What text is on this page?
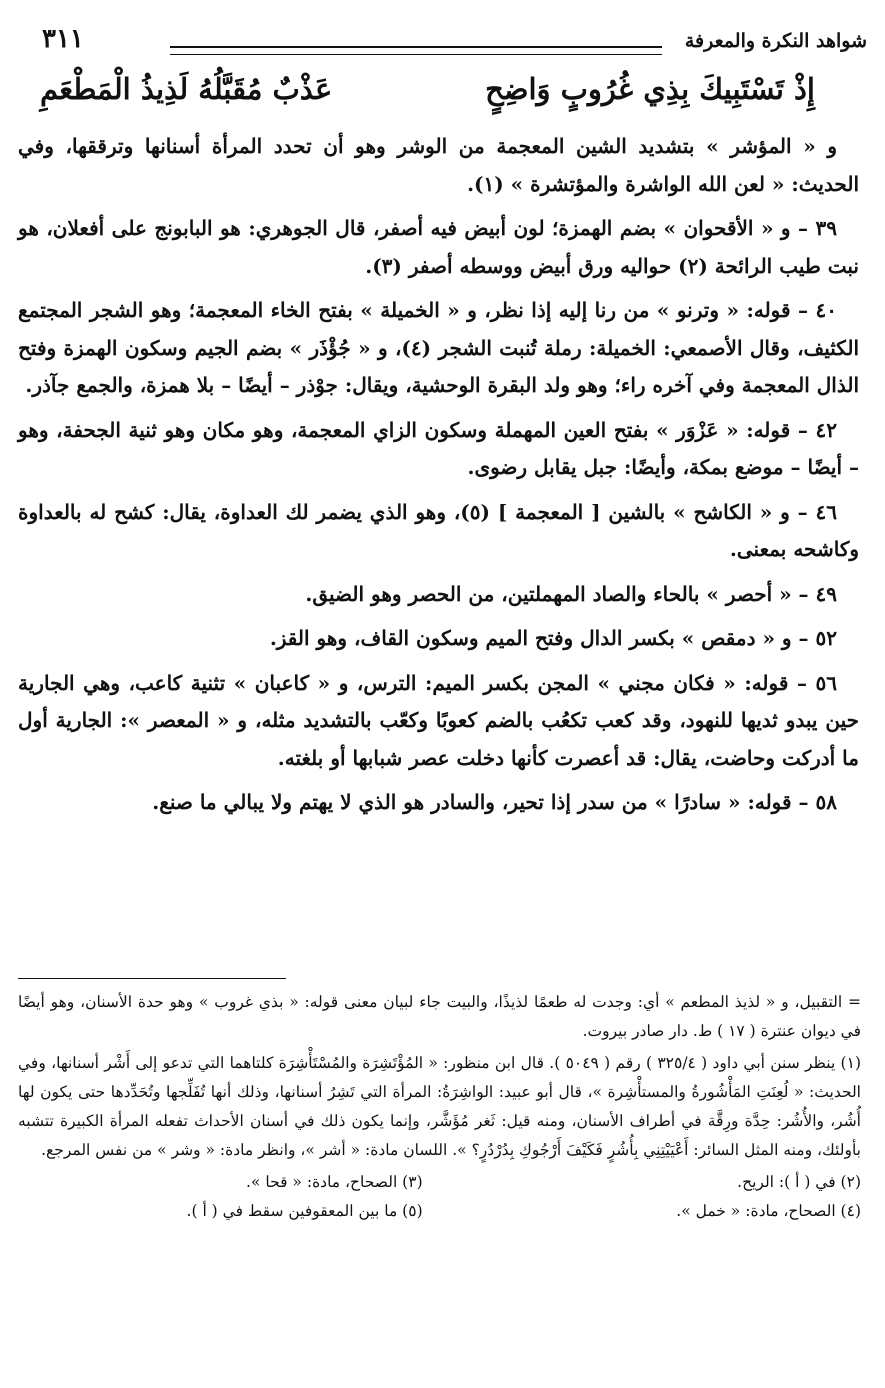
شواهد النكرة والمعرفة
٣١١
إِذْ تَسْتَبِيكَ بِذِي غُرُوبٍ وَاضِحٍ
عَذْبٌ مُقَبَّلُهُ لَذِيذُ الْمَطْعَمِ

و « المؤشر » بتشديد الشين المعجمة من الوشر وهو أن تحدد المرأة أسنانها وترققها، وفي الحديث: « لعن الله الواشرة والمؤتشرة » (١).

٣٩ – و « الأقحوان » بضم الهمزة؛ لون أبيض فيه أصفر، قال الجوهري: هو البابونج على أفعلان، هو نبت طيب الرائحة (٢) حواليه ورق أبيض ووسطه أصفر (٣).

٤٠ – قوله: « وترنو » من رنا إليه إذا نظر، و « الخميلة » بفتح الخاء المعجمة؛ وهو الشجر المجتمع الكثيف، وقال الأصمعي: الخميلة: رملة تُنبت الشجر (٤)، و « جُؤْذَر » بضم الجيم وسكون الهمزة وفتح الذال المعجمة وفي آخره راء؛ وهو ولد البقرة الوحشية، ويقال: جوْذر – أيضًا – بلا همزة، والجمع جآذر.

٤٢ – قوله: « عَزْوَر » بفتح العين المهملة وسكون الزاي المعجمة، وهو مكان وهو ثنية الجحفة، وهو – أيضًا – موضع بمكة، وأيضًا: جبل يقابل رضوى.

٤٦ – و « الكاشح » بالشين [ المعجمة ] (٥)، وهو الذي يضمر لك العداوة، يقال: كشح له بالعداوة وكاشحه بمعنى.

٤٩ – « أحصر » بالحاء والصاد المهملتين، من الحصر وهو الضيق.

٥٢ – و « دمقص » بكسر الدال وفتح الميم وسكون القاف، وهو القز.

٥٦ – قوله: « فكان مجني » المجن بكسر الميم: الترس، و « كاعبان » تثنية كاعب، وهي الجارية حين يبدو ثديها للنهود، وقد كعب تكعُب بالضم كعوبًا وكعّب بالتشديد مثله، و « المعصر »: الجارية أول ما أدركت وحاضت، يقال: قد أعصرت كأنها دخلت عصر شبابها أو بلغته.

٥٨ – قوله: « سادرًا » من سدر إذا تحير، والسادر هو الذي لا يهتم ولا يبالي ما صنع.

= التقبيل، و « لذيذ المطعم » أي: وجدت له طعمًا لذيذًا، والبيت جاء لبيان معنى قوله: « بذي غروب » وهو حدة الأسنان، وهو أيضًا في ديوان عنترة ( ١٧ ) ط. دار صادر بيروت.

(١) ينظر سنن أبي داود ( ٣٢٥/٤ ) رقم ( ٥٠٤٩ ). قال ابن منظور: « المُؤْتَشِرَة والمُسْتَأْشِرَة كلتاهما التي تدعو إلى أَشْر أسنانها، وفي الحديث: « لُعِنَتِ المَأْشُورةُ والمستأْشِرة »، قال أبو عبيد: الواشِرَةُ: المرأة التي تَشِرُ أسنانها، وذلك أنها تُفَلِّجها وتُحَدِّدها حتى يكون لها أُشُر، والأُشُر: حِدَّة ورِقَّة في أطراف الأسنان، ومنه قيل: ثَغر مُؤَشَّر، وإنما يكون ذلك في أسنان الأحداث تفعله المرأة الكبيرة تتشبه بأولئك، ومنه المثل السائر: أَعْيَيْتِنِي بِأُشُرٍ فَكَيْفَ أَرْجُوكِ بِدُرْدُرٍ؟ ». اللسان مادة: « أشر »، وانظر مادة: « وشر » من نفس المرجع.

(٢) في ( أ ): الريح.
(٣) الصحاح، مادة: « قحا ».
(٤) الصحاح، مادة: « خمل ».
(٥) ما بين المعقوفين سقط في ( أ ).
